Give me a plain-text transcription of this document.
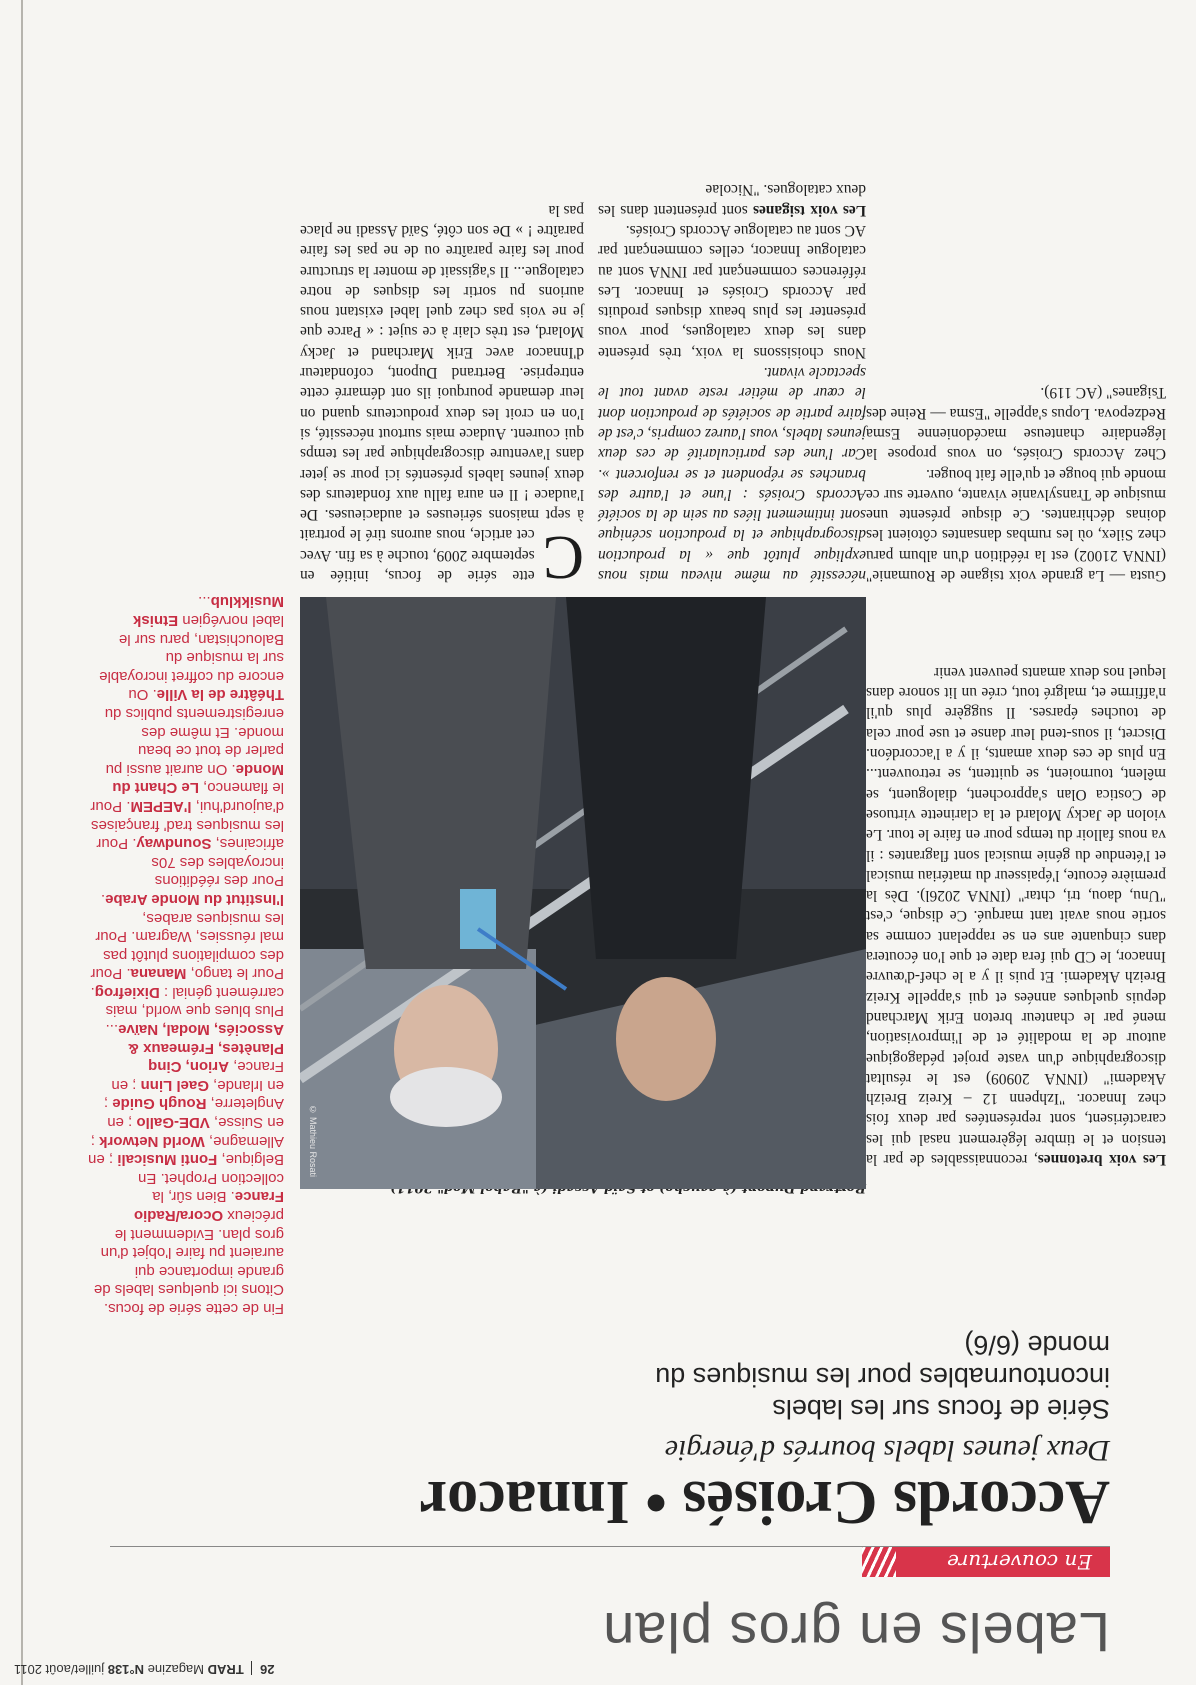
26  TRAD Magazine N°138 juillet/août 2011
Labels en gros plan
En couverture
Accords Croisés • Innacor
Deux jeunes labels bourrés d'énergie
Série de focus sur les labels incontournables pour les musiques du monde (6/6)
© Mathieu Rosati
C
ette série de focus, initiée en septembre 2009, touche à sa fin. Avec cet article, nous aurons tiré le portrait à sept maisons sérieuses et audacieuses. De l'audace ! Il en aura fallu aux fondateurs des deux jeunes labels présentés ici pour se jeter dans l'aventure discographique par les temps qui courent. Audace mais surtout nécessité, si l'on en croit les deux producteurs quand on leur demande pourquoi ils ont démarré cette entreprise. Bertrand Dupont, cofondateur d'Innacor avec Erik Marchand et Jacky Molard, est très clair à ce sujet : « Parce que je ne vois pas chez quel label existant nous aurions pu sortir les disques de notre catalogue... Il s'agissait de monter la structure pour les faire paraître ou de ne pas les faire paraître ! » De son côté, Saïd Assadi ne place pas la

nécessité au même niveau mais nous explique plutôt que « la production discographique et la production scénique sont intimement liées au sein de la société Accords Croisés : l'une et l'autre des branches se répondent et se renforcent ». Car l'une des particularité de ces deux jeunes labels, vous l'aurez compris, c'est de faire partie de sociétés de production dont le cœur de métier reste avant tout le spectacle vivant.

Nous choisissons la voix, très présente dans les deux catalogues, pour vous présenter les plus beaux disques produits par Accords Croisés et Innacor. Les références commençant par INNA sont au catalogue Innacor, celles commençant par AC sont au catalogue Accords Croisés.

Les voix tsiganes sont présentent dans les deux catalogues. "Nicolae

Gusta — La grande voix tsigane de Roumanie" (INNA 21002) est la réédition d'un album paru chez Silex, où les rumbas dansantes côtoient les doinas déchirantes. Ce disque présente une musique de Transylvanie vivante, ouverte sur ce monde qui bouge et qu'elle fait bouger.

Chez Accords Croisés, on vous propose la légendaire chanteuse macédonienne Esma Redzepova. Lopus s'appelle "Esma — Reine des Tsiganes" (AC 119).

Les voix bretonnes, reconnaissables de par la tension et le timbre légèrement nasal qui les caractérisent, sont représentées par deux fois chez Innacor. "Izhpenn 12 – Kreiz Breizh Akademi" (INNA 20909) est le résultat discographique d'un vaste projet pédagogique autour de la modalité et de l'improvisation, mené par le chanteur breton Erik Marchand depuis quelques années et qui s'appelle Kreiz Breizh Akademi. Et puis il y a le chef-d'œuvre Innacor, le CD qui fera date et que l'on écoutera dans cinquante ans en se rappelant comme sa sortie nous avait tant marqué. Ce disque, c'est "Unu, daou, tri, chtar" (INNA 2026l). Dès la première écoute, l'épaisseur du matériau musical et l'étendue du génie musical sont flagrantes : il va nous falloir du temps pour en faire le tour. Le violon de Jacky Molard et la clarinette virtuose de Costica Olan s'approchent, dialoguent, se mêlent, tournoient, se quittent, se retrouvent... En plus de ces deux amants, il y a l'accordéon. Discret, il sous-tend leur danse et use pour cela de touches éparses. Il suggère plus qu'il n'affirme et, malgré tout, crée un lit sonore dans lequel nos deux amants peuvent venir

Fin de cette série de focus. Citons ici quelques labels de grande importance qui auraient pu faire l'objet d'un gros plan. Evidemment le précieux Ocora/Radio France. Bien sûr, la collection Prophet. En Belgique, Fonti Musicali ; en Allemagne, World Network ; en Suisse, VDE-Gallo ; en Angleterre, Rough Guide ; en Irlande, Gael Linn ; en France, Arion, Cinq Planètes, Frémeaux & Associés, Modal, Naïve... Plus blues que world, mais carrément génial : Dixiefrog. Pour le tango, Manana. Pour des compilations plutôt pas mal réussies, Wagram. Pour les musiques arabes, l'Institut du Monde Arabe. Pour des rééditions incroyables des 70s africaines, Soundway. Pour les musiques trad' françaises d'aujourd'hui, l'AEPEM. Pour le flamenco, Le Chant du Monde. On aurait aussi pu parler de tout ce beau monde. Et même des enregistrements publics du Théâtre de la Ville. Ou encore du coffret incroyable sur la musique du Balouchistan, paru sur le label norvégien Etnisk Musikklub...
